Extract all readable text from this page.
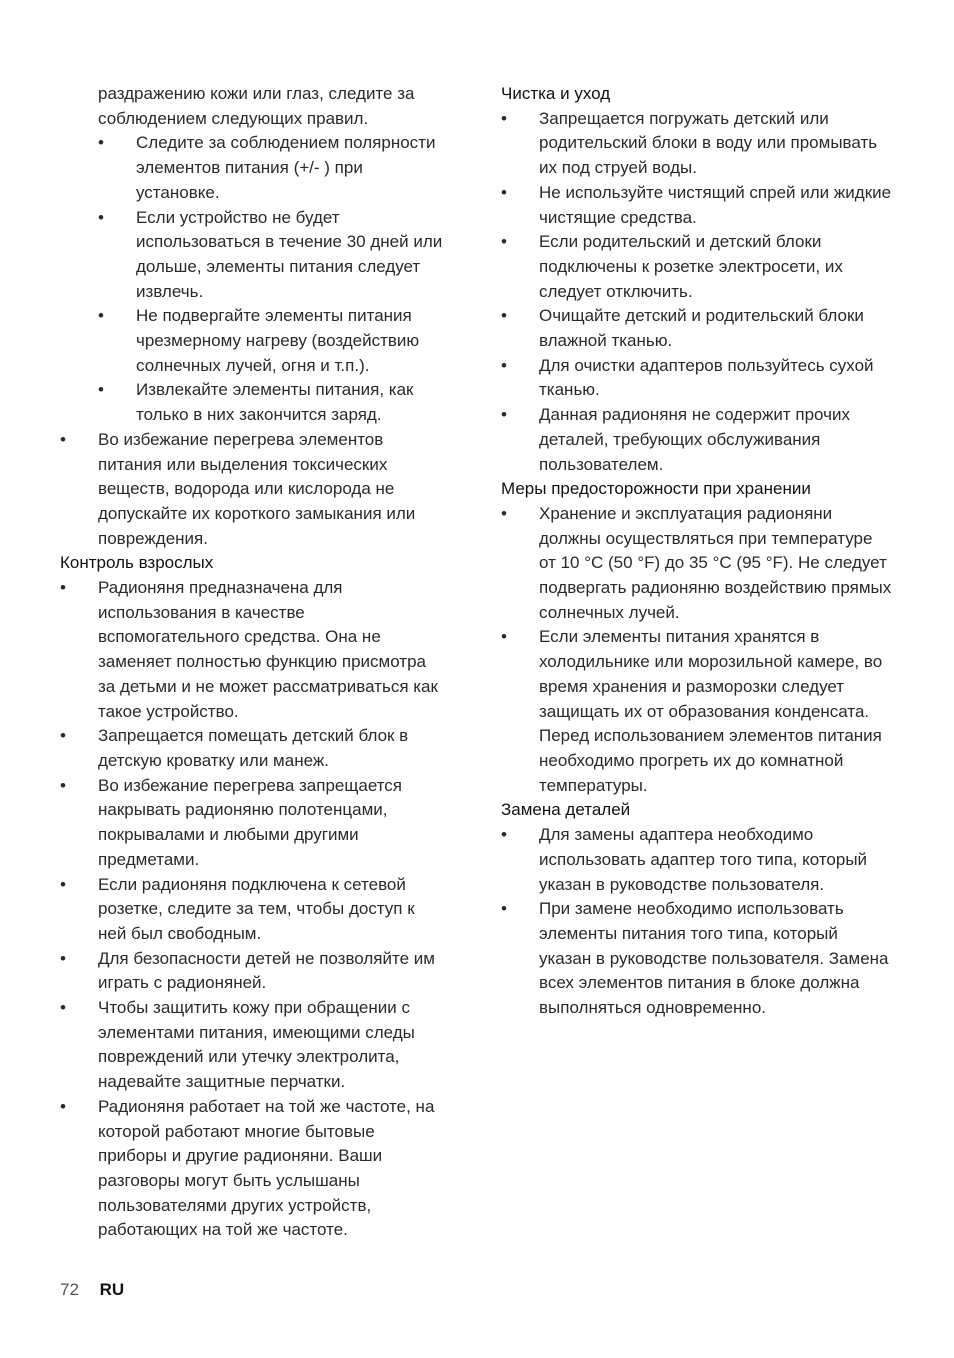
раздражению кожи или глаз, следите за соблюдением следующих правил.

• Следите за соблюдением полярности элементов питания (+/- ) при установке.
• Если устройство не будет использоваться в течение 30 дней или дольше, элементы питания следует извлечь.
• Не подвергайте элементы питания чрезмерному нагреву (воздействию солнечных лучей, огня и т.п.).
• Извлекайте элементы питания, как только в них закончится заряд.
• Во избежание перегрева элементов питания или выделения токсических веществ, водорода или кислорода не допускайте их короткого замыкания или повреждения.
Контроль взрослых
• Радионяня предназначена для использования в качестве вспомогательного средства. Она не заменяет полностью функцию присмотра за детьми и не может рассматриваться как такое устройство.
• Запрещается помещать детский блок в детскую кроватку или манеж.
• Во избежание перегрева запрещается накрывать радионяню полотенцами, покрывалами и любыми другими предметами.
• Если радионяня подключена к сетевой розетке, следите за тем, чтобы доступ к ней был свободным.
• Для безопасности детей не позволяйте им играть с радионяней.
• Чтобы защитить кожу при обращении с элементами питания, имеющими следы повреждений или утечку электролита, надевайте защитные перчатки.
• Радионяня работает на той же частоте, на которой работают многие бытовые приборы и другие радионяни. Ваши разговоры могут быть услышаны пользователями других устройств, работающих на той же частоте.
Чистка и уход
• Запрещается погружать детский или родительский блоки в воду или промывать их под струей воды.
• Не используйте чистящий спрей или жидкие чистящие средства.
• Если родительский и детский блоки подключены к розетке электросети, их следует отключить.
• Очищайте детский и родительский блоки влажной тканью.
• Для очистки адаптеров пользуйтесь сухой тканью.
• Данная радионяня не содержит прочих деталей, требующих обслуживания пользователем.
Меры предосторожности при хранении
• Хранение и эксплуатация радионяни должны осуществляться при температуре от 10 °C (50 °F) до 35 °C (95 °F). Не следует подвергать радионяню воздействию прямых солнечных лучей.
• Если элементы питания хранятся в холодильнике или морозильной камере, во время хранения и разморозки следует защищать их от образования конденсата. Перед использованием элементов питания необходимо прогреть их до комнатной температуры.
Замена деталей
• Для замены адаптера необходимо использовать адаптер того типа, который указан в руководстве пользователя.
• При замене необходимо использовать элементы питания того типа, который указан в руководстве пользователя. Замена всех элементов питания в блоке должна выполняться одновременно.
72 RU
